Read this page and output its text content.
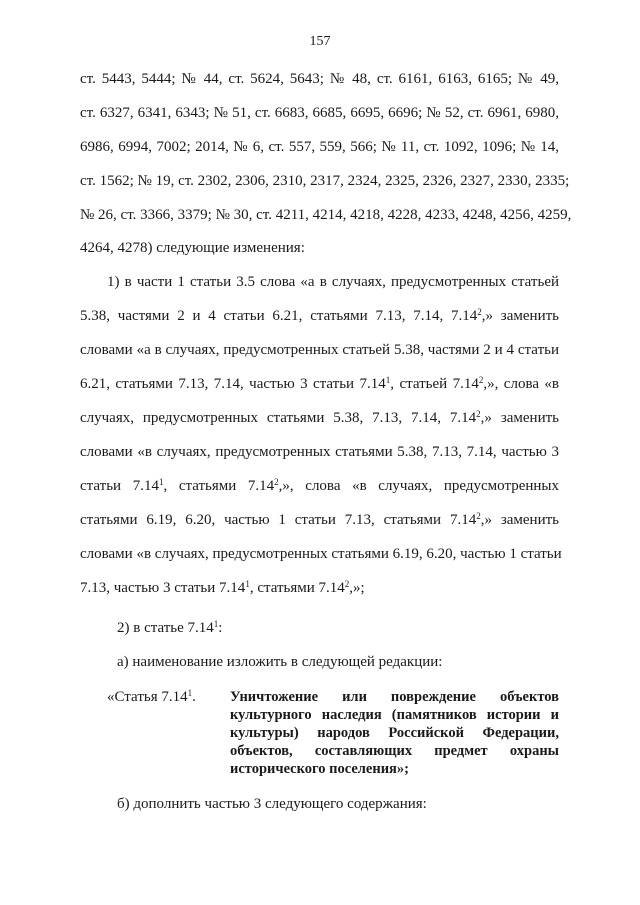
157
ст. 5443, 5444; № 44, ст. 5624, 5643; № 48, ст. 6161, 6163, 6165; № 49,
ст. 6327, 6341, 6343; № 51, ст. 6683, 6685, 6695, 6696; № 52, ст. 6961, 6980,
6986, 6994, 7002; 2014, № 6, ст. 557, 559, 566; № 11, ст. 1092, 1096; № 14,
ст. 1562; № 19, ст. 2302, 2306, 2310, 2317, 2324, 2325, 2326, 2327, 2330, 2335;
№ 26, ст. 3366, 3379; № 30, ст. 4211, 4214, 4218, 4228, 4233, 4248, 4256, 4259,
4264, 4278) следующие изменения:
1) в части 1 статьи 3.5 слова «а в случаях, предусмотренных статьей
5.38, частями 2 и 4 статьи 6.21, статьями 7.13, 7.14, 7.14$^2$,» заменить
словами «а в случаях, предусмотренных статьей 5.38, частями 2 и 4 статьи
6.21, статьями 7.13, 7.14, частью 3 статьи 7.14$^1$, статьей 7.14$^2$,», слова «в
случаях, предусмотренных статьями 5.38, 7.13, 7.14, 7.14$^2$,» заменить
словами «в случаях, предусмотренных статьями 5.38, 7.13, 7.14, частью 3
статьи 7.14$^1$, статьями 7.14$^2$,», слова «в случаях, предусмотренных
статьями 6.19, 6.20, частью 1 статьи 7.13, статьями 7.14$^2$,» заменить
словами «в случаях, предусмотренных статьями 6.19, 6.20, частью 1 статьи
7.13, частью 3 статьи 7.14$^1$, статьями 7.14$^2$,»;
2) в статье 7.14$^1$:
а) наименование изложить в следующей редакции:
«Статья 7.14$^1$. Уничтожение или повреждение объектов
культурного наследия (памятников истории и
культуры) народов Российской Федерации,
объектов, составляющих предмет охраны
исторического поселения»;
б) дополнить частью 3 следующего содержания:
